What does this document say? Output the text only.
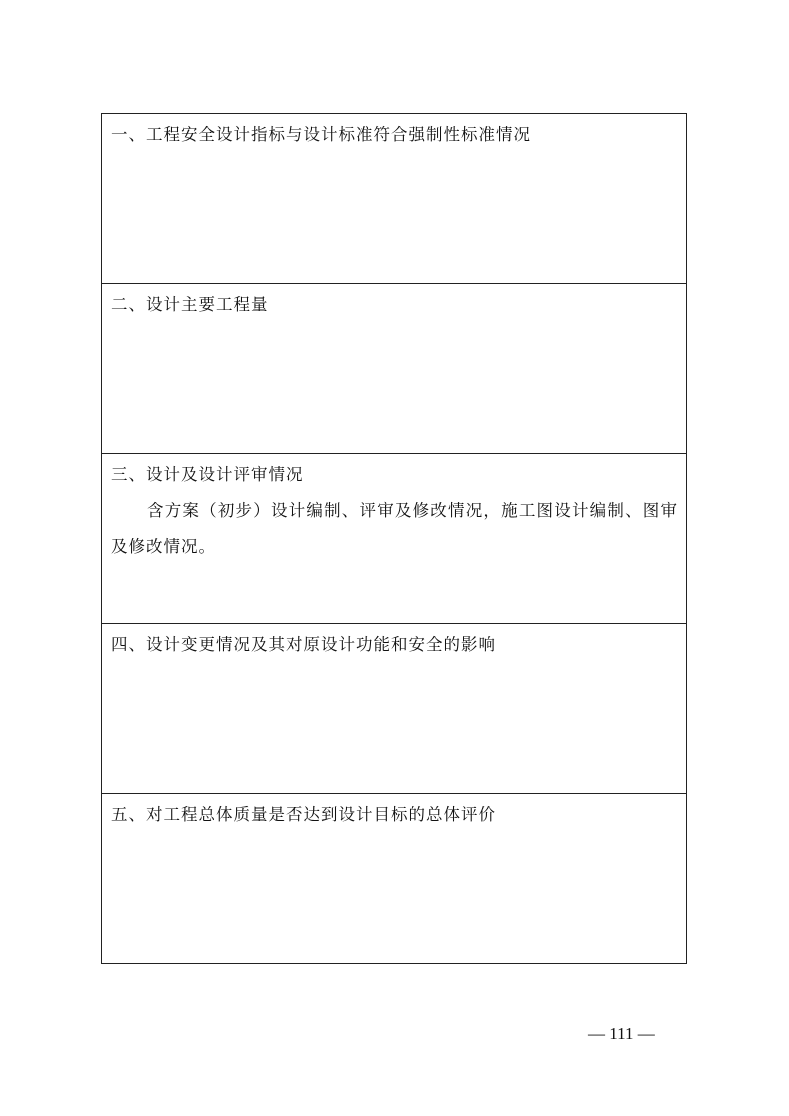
一、工程安全设计指标与设计标准符合强制性标准情况
二、设计主要工程量
三、设计及设计评审情况
含方案（初步）设计编制、评审及修改情况，施工图设计编制、图审及修改情况。
四、设计变更情况及其对原设计功能和安全的影响
五、对工程总体质量是否达到设计目标的总体评价
— 111 —
